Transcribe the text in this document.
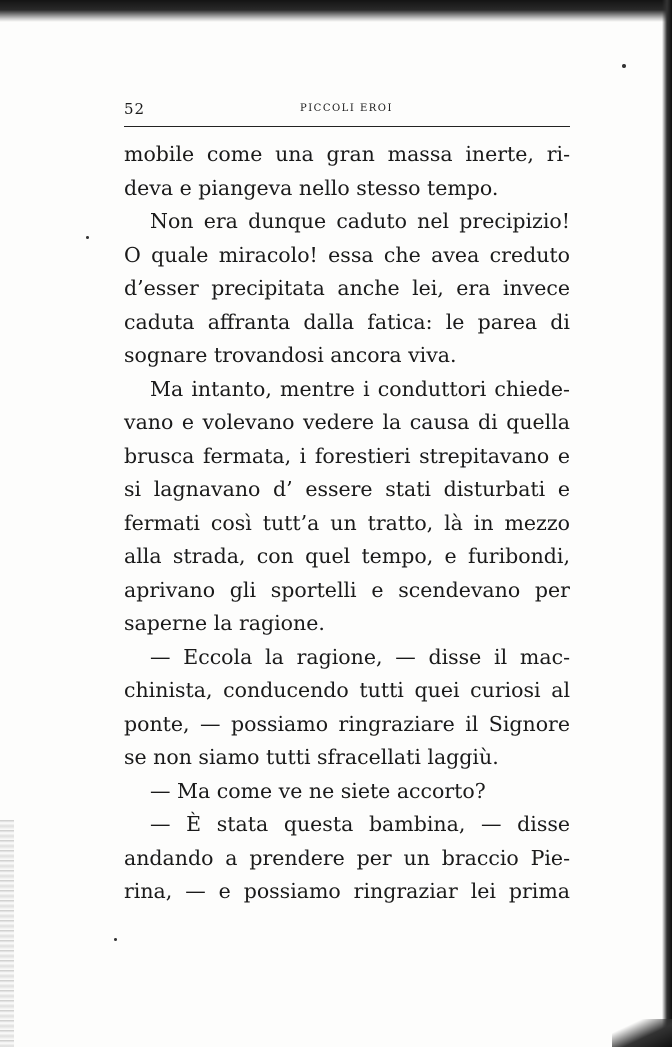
52	PICCOLI EROI
mobile come una gran massa inerte, ri-
deva e piangeva nello stesso tempo.
Non era dunque caduto nel precipizio!
O quale miracolo! essa che avea creduto
d’esser precipitata anche lei, era invece
caduta affranta dalla fatica: le parea di
sognare trovandosi ancora viva.
Ma intanto, mentre i conduttori chiede-
vano e volevano vedere la causa di quella
brusca fermata, i forestieri strepitavano e
si lagnavano d’ essere stati disturbati e
fermati così tutt’a un tratto, là in mezzo
alla strada, con quel tempo, e furibondi,
aprivano gli sportelli e scendevano per
saperne la ragione.
— Eccola la ragione, — disse il mac-
chinista, conducendo tutti quei curiosi al
ponte, — possiamo ringraziare il Signore
se non siamo tutti sfracellati laggiù.
— Ma come ve ne siete accorto?
— È stata questa bambina, — disse
andando a prendere per un braccio Pie-
rina, — e possiamo ringraziar lei prima
